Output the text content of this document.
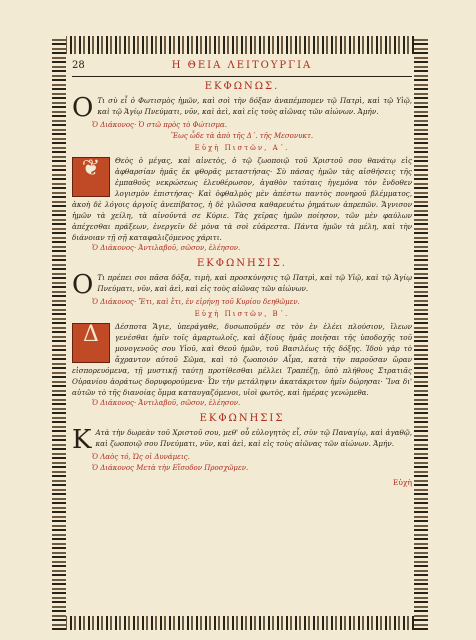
28	Η ΘΕΙΑ ΛΕΙΤΟΥΡΓΙΑ
ΕΚΦΩΝΩΣ.
Ο Τι σὺ εἶ ὁ Φωτισμὸς ἡμῶν, καὶ σοὶ τὴν δόξαν ἀναπέμπομεν τῷ Πατρὶ, καὶ τῷ Υἱῷ, καὶ τῷ Ἁγίῳ Πνεύματι, νῦν, καὶ ἀεὶ, καὶ εἰς τοὺς αἰῶνας τῶν αἰώνων. Ἀμήν.
Ὁ Διάκονος· Ὁ στῶ πρὸς τὸ Φώτισμα.
Ἕως ὧδε τὰ ἀπὸ τῆς Δ΄. τῆς Μεσονυκτ.
Εὐχὴ Πιστῶν, Α΄.
❦	Θεὸς ὁ μέγας, καὶ αἰνετὸς, ὁ τῷ ζωοποιῷ τοῦ Χριστοῦ σου θανάτῳ εἰς ἀφθαρσίαν ἡμᾶς ἐκ φθορᾶς μεταστήσας· Σὺ πάσας ἡμῶν τὰς αἰσθήσεις τῆς ἐμπαθοῦς νεκρώσεως ἐλευθέρωσον, ἀγαθὸν ταύταις ἡγεμόνα τὸν ἔνδοθεν λογισμὸν ἐπιστήσας· Καὶ ὀφθαλμὸς μὲν ἀπέστω παντὸς πονηροῦ βλέμματος, ἀκοὴ δὲ λόγοις ἀργοῖς ἀνεπίβατος, ἡ δὲ γλῶσσα καθαρευέτω ῥημάτων ἀπρεπῶν. Ἅγνισον ἡμῶν τὰ χείλη, τὰ αἰνοῦντά σε Κύριε. Τὰς χεῖρας ἡμῶν ποίησον, τῶν μὲν φαύλων ἀπέχεσθαι πράξεων, ἐνεργεῖν δὲ μόνα τὰ σοὶ εὐάρεστα. Πάντα ἡμῶν τὰ μέλη, καὶ τὴν διάνοιαν τῇ σῇ καταφαλιζόμενος χάριτι.
Ὁ Διάκονος· Ἀντιλαβοῦ, σῶσον, ἐλέησον.
ΕΚΦΩΝΗΣΙΣ.
Ο Τι πρέπει σοι πᾶσα δόξα, τιμὴ, καὶ προσκύνησις τῷ Πατρὶ, καὶ τῷ Υἱῷ, καὶ τῷ Ἁγίῳ Πνεύματι, νῦν, καὶ ἀεὶ, καὶ εἰς τοὺς αἰῶνας τῶν αἰώνων.
Ὁ Διάκονος· Ἔτι, καὶ ἔτι, ἐν εἰρήνῃ τοῦ Κυρίου δεηθῶμεν.
Εὐχὴ Πιστῶν, Β΄.
Δ	Δέσποτα Ἅγιε, ὑπεράγαθε, δυσωποῦμέν σε τὸν ἐν ἐλέει πλούσιον, ἵλεων γενέσθαι ἡμῖν τοῖς ἁμαρτωλοῖς, καὶ ἀξίους ἡμᾶς ποιῆσαι τῆς ὑποδοχῆς τοῦ μονογενοῦς σου Υἱοῦ, καὶ Θεοῦ ἡμῶν, τοῦ Βασιλέως τῆς δόξης. Ἰδοὺ γὰρ τὸ ἄχραντον αὐτοῦ Σῶμα, καὶ τὸ ζωοποιὸν Αἷμα, κατὰ τὴν παροῦσαν ὥραν εἰσπορευόμενα, τῇ μυστικῇ ταύτῃ προτίθεσθαι μέλλει Τραπέζῃ, ὑπὸ πλήθους Στρατιᾶς Οὐρανίου ἀοράτως δορυφορούμενα· Ὧν τὴν μετάληψιν ἀκατάκριτον ἡμῖν δώρησαι· Ἵνα δι' αὐτῶν τὸ τῆς διανοίας ὄμμα καταυγαζόμενοι, υἱοὶ φωτὸς, καὶ ἡμέρας γενώμεθα.
Ὁ Διάκονος· Ἀντιλαβοῦ, σῶσον, ἐλέησον.
ΕΚΦΩΝΗΣΙΣ
Κ Ατὰ τὴν δωρεὰν τοῦ Χριστοῦ σου, μεθ' οὗ εὐλογητὸς εἶ, σὺν τῷ Παναγίῳ, καὶ ἀγαθῷ, καὶ ζωοποιῷ σου Πνεύματι, νῦν, καὶ ἀεὶ, καὶ εἰς τοὺς αἰῶνας τῶν αἰώνων. Ἀμήν.
Ὁ Λαὸς τό, Ὡς οἱ Δυνάμεις.
Ὁ Διάκονος Μετὰ τὴν Εἴσοδον Προσχῶμεν.
Εὐχὴ
